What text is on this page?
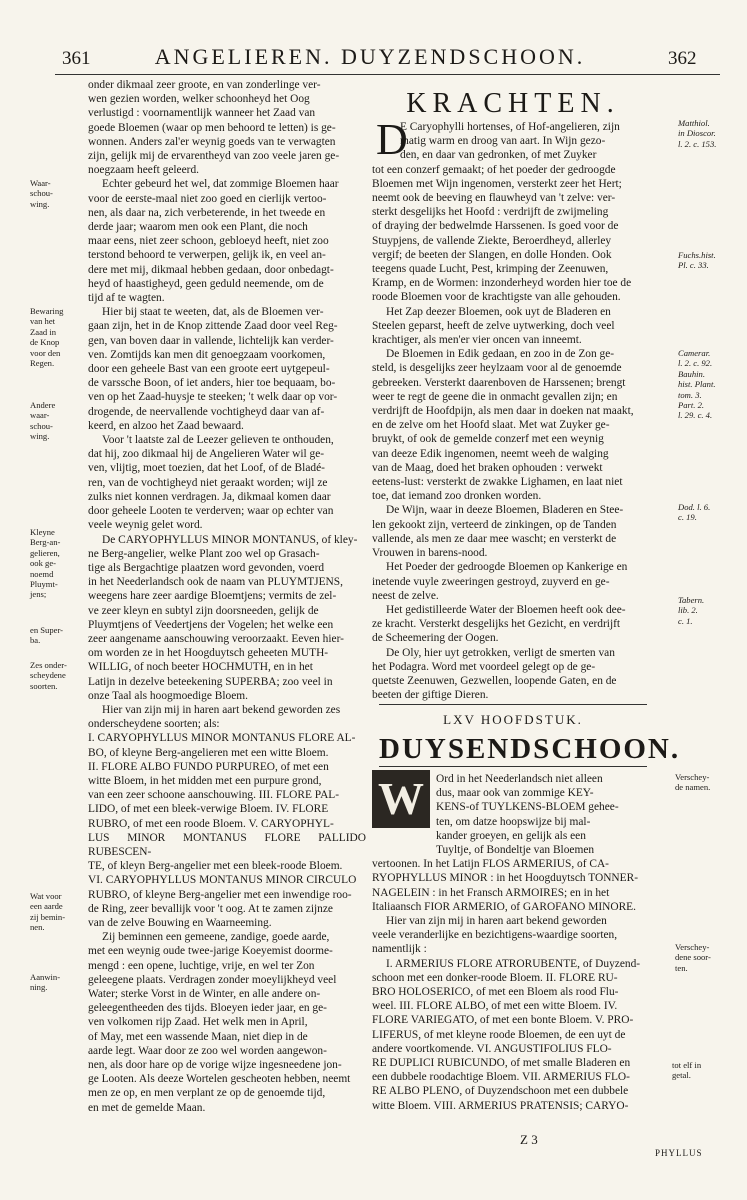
361	ANGELIEREN. DUYZENDSCHOON.	362

onder dikmaal zeer groote, en van zonderlinge ver-

wen gezien worden, welker schoonheyd het Oog

verlustigd : voornamentlijk wanneer het Zaad van

goede Bloemen (waar op men behoord te letten) is ge-

wonnen. Anders zal'er weynig goeds van te verwagten

zijn, gelijk mij de ervarentheyd van zoo veele jaren ge-

noegzaam heeft geleerd.

Echter gebeurd het wel, dat zommige Bloemen haar

voor de eerste-maal niet zoo goed en cierlijk vertoo-

nen, als daar na, zich verbeterende, in het tweede en

derde jaar; waarom men ook een Plant, die noch

maar eens, niet zeer schoon, gebloeyd heeft, niet zoo

terstond behoord te verwerpen, gelijk ik, en veel an-

dere met mij, dikmaal hebben gedaan, door onbedagt-

heyd of haastigheyd, geen geduld neemende, om de

tijd af te wagten.

Hier bij staat te weeten, dat, als de Bloemen ver-

gaan zijn, het in de Knop zittende Zaad door veel Reg-

gen, van boven daar in vallende, lichtelijk kan verder-

ven. Zomtijds kan men dit genoegzaam voorkomen,

door een geheele Bast van een groote eert uytgepeul-

de varssche Boon, of iet anders, hier toe bequaam, bo-

ven op het Zaad-huysje te steeken; 't welk daar op vor-

drogende, de neervallende vochtigheyd daar van af-

keerd, en alzoo het Zaad bewaard.

Voor 't laatste zal de Leezer gelieven te onthouden,

dat hij, zoo dikmaal hij de Angelieren Water wil ge-

ven, vlijtig, moet toezien, dat het Loof, of de Bladé-

ren, van de vochtigheyd niet geraakt worden; wijl ze

zulks niet konnen verdragen. Ja, dikmaal komen daar

door geheele Looten te verderven; waar op echter van

veele weynig gelet word.

De CARYOPHYLLUS MINOR MONTANUS, of kley-

ne Berg-angelier, welke Plant zoo wel op Grasach-

tige als Bergachtige plaatzen word gevonden, voerd

in het Neederlandsch ook de naam van PLUYMTJENS,

weegens hare zeer aardige Bloemtjens; vermits de zel-

ve zeer kleyn en subtyl zijn doorsneeden, gelijk de

Pluymtjens of Veedertjens der Vogelen; het welke een

zeer aangename aanschouwing veroorzaakt. Eeven hier-

om worden ze in het Hoogduytsch geheeten MUTH-

WILLIG, of noch beeter HOCHMUTH, en in het

Latijn in dezelve beteekening SUPERBA; zoo veel in

onze Taal als hoogmoedige Bloem.

Hier van zijn mij in haren aart bekend geworden zes

onderscheydene soorten; als:

I. CARYOPHYLLUS MINOR MONTANUS FLORE AL-

BO, of kleyne Berg-angelieren met een witte Bloem.

II. FLORE ALBO FUNDO PURPUREO, of met een

witte Bloem, in het midden met een purpure grond,

van een zeer schoone aanschouwing. III. FLORE PAL-

LIDO, of met een bleek-verwige Bloem. IV. FLORE

RUBRO, of met een roode Bloem. V. CARYOPHYL-

LUS MINOR MONTANUS FLORE PALLIDO RUBESCEN-

TE, of kleyn Berg-angelier met een bleek-roode Bloem.

VI. CARYOPHYLLUS MONTANUS MINOR CIRCULO

RUBRO, of kleyne Berg-angelier met een inwendige roo-

de Ring, zeer bevallijk voor 't oog. At te zamen zijnze

van de zelve Bouwing en Waarneeming.

Zij beminnen een gemeene, zandige, goede aarde,

met een weynig oude twee-jarige Koeyemist doorme-

mengd : een opene, luchtige, vrije, en wel ter Zon

geleegene plaats. Verdragen zonder moeylijkheyd veel

Water; sterke Vorst in de Winter, en alle andere on-

geleegentheeden des tijds. Bloeyen ieder jaar, en ge-

ven volkomen rijp Zaad. Het welk men in April,

of May, met een wassende Maan, niet diep in de

aarde legt. Waar door ze zoo wel worden aangewon-

nen, als door hare op de vorige wijze ingesneedene jon-

ge Looten. Als deeze Wortelen gescheoten hebben, neemt

men ze op, en men verplant ze op de genoemde tijd,

en met de gemelde Maan.

Waar-
schou-
wing.
Bewaring
van het
Zaad in
de Knop
voor den
Regen.
Andere
waar-
schou-
wing.
Kleyne
Berg-an-
gelieren,
ook ge-
noemd
Pluymt-
jens;
en Super-
ba.
Zes onder-
scheydene
soorten.
Wat voor
een aarde
zij bemin-
nen.
Aanwin-
ning.
KRACHTEN.
D

E Caryophylli hortenses, of Hof-angelieren, zijn

matig warm en droog van aart. In Wijn gezo-

den, en daar van gedronken, of met Zuyker

tot een conzerf gemaakt; of het poeder der gedroogde

Bloemen met Wijn ingenomen, versterkt zeer het Hert;

neemt ook de beeving en flauwheyd van 't zelve: ver-

sterkt desgelijks het Hoofd : verdrijft de zwijmeling

of draying der bedwelmde Harssenen. Is goed voor de

Stuypjens, de vallende Ziekte, Beroerdheyd, allerley

vergif; de beeten der Slangen, en dolle Honden. Ook

teegens quade Lucht, Pest, krimping der Zeenuwen,

Kramp, en de Wormen: inzonderheyd worden hier toe de

roode Bloemen voor de krachtigste van alle gehouden.

Het Zap deezer Bloemen, ook uyt de Bladeren en

Steelen geparst, heeft de zelve uytwerking, doch veel

krachtiger, als men'er vier oncen van inneemt.

De Bloemen in Edik gedaan, en zoo in de Zon ge-

steld, is desgelijks zeer heylzaam voor al de genoemde

gebreeken. Versterkt daarenboven de Harssenen; brengt

weer te regt de geene die in onmacht gevallen zijn; en

verdrijft de Hoofdpijn, als men daar in doeken nat maakt,

en de zelve om het Hoofd slaat. Met wat Zuyker ge-

bruykt, of ook de gemelde conzerf met een weynig

van deeze Edik ingenomen, neemt weeh de walging

van de Maag, doed het braken ophouden : verwekt

eetens-lust: versterkt de zwakke Lighamen, en laat niet

toe, dat iemand zoo dronken worden.

De Wijn, waar in deeze Bloemen, Bladeren en Stee-

len gekookt zijn, verteerd de zinkingen, op de Tanden

vallende, als men ze daar mee wascht; en versterkt de

Vrouwen in barens-nood.

Het Poeder der gedroogde Bloemen op Kankerige en

inetende vuyle zweeringen gestroyd, zuyverd en ge-

neest de zelve.

Het gedistilleerde Water der Bloemen heeft ook dee-

ze kracht. Versterkt desgelijks het Gezicht, en verdrijft

de Scheemering der Oogen.

De Oly, hier uyt getrokken, verligt de smerten van

het Podagra. Word met voordeel gelegt op de ge-

quetste Zeenuwen, Gezwellen, loopende Gaten, en de

beeten der giftige Dieren.

Matthiol.
in Dioscor.
l. 2. c. 153.
Fuchs.hist.
Pl. c. 33.
Camerar.
l. 2. c. 92.
Bauhin.
hist. Plant.
tom. 3.
Part. 2.
l. 29. c. 4.
Dod. l. 6.
c. 19.
Tabern.
lib. 2.
c. 1.
LXV HOOFDSTUK.
DUYSENDSCHOON.
W	Ord in het Neederlandsch niet alleen

dus, maar ook van zommige KEY-

KENS-of TUYLKENS-BLOEM gehee-

ten, om datze hoopswijze bij mal-

kander groeyen, en gelijk als een

Tuyltje, of Bondeltje van Bloemen

vertoonen. In het Latijn FLOS ARMERIUS, of CA-

RYOPHYLLUS MINOR : in het Hoogduytsch TONNER-

NAGELEIN : in het Fransch ARMOIRES; en in het

Italiaansch FIOR ARMERIO, of GAROFANO MINORE.

Hier van zijn mij in haren aart bekend geworden

veele veranderlijke en bezichtigens-waardige soorten,

namentlijk :

I. ARMERIUS FLORE ATRORUBENTE, of Duyzend-

schoon met een donker-roode Bloem. II. FLORE RU-

BRO HOLOSERICO, of met een Bloem als rood Flu-

weel. III. FLORE ALBO, of met een witte Bloem. IV.

FLORE VARIEGATO, of met een bonte Bloem. V. PRO-

LIFERUS, of met kleyne roode Bloemen, de een uyt de

andere voortkomende. VI. ANGUSTIFOLIUS FLO-

RE DUPLICI RUBICUNDO, of met smalle Bladeren en

een dubbele roodachtige Bloem. VII. ARMERIUS FLO-

RE ALBO PLENO, of Duyzendschoon met een dubbele

witte Bloem. VIII. ARMERIUS PRATENSIS; CARYO-

Verschey-
de namen.
Verschey-
dene soor-
ten.
tot elf in
getal.
Z 3
PHYLLUS
